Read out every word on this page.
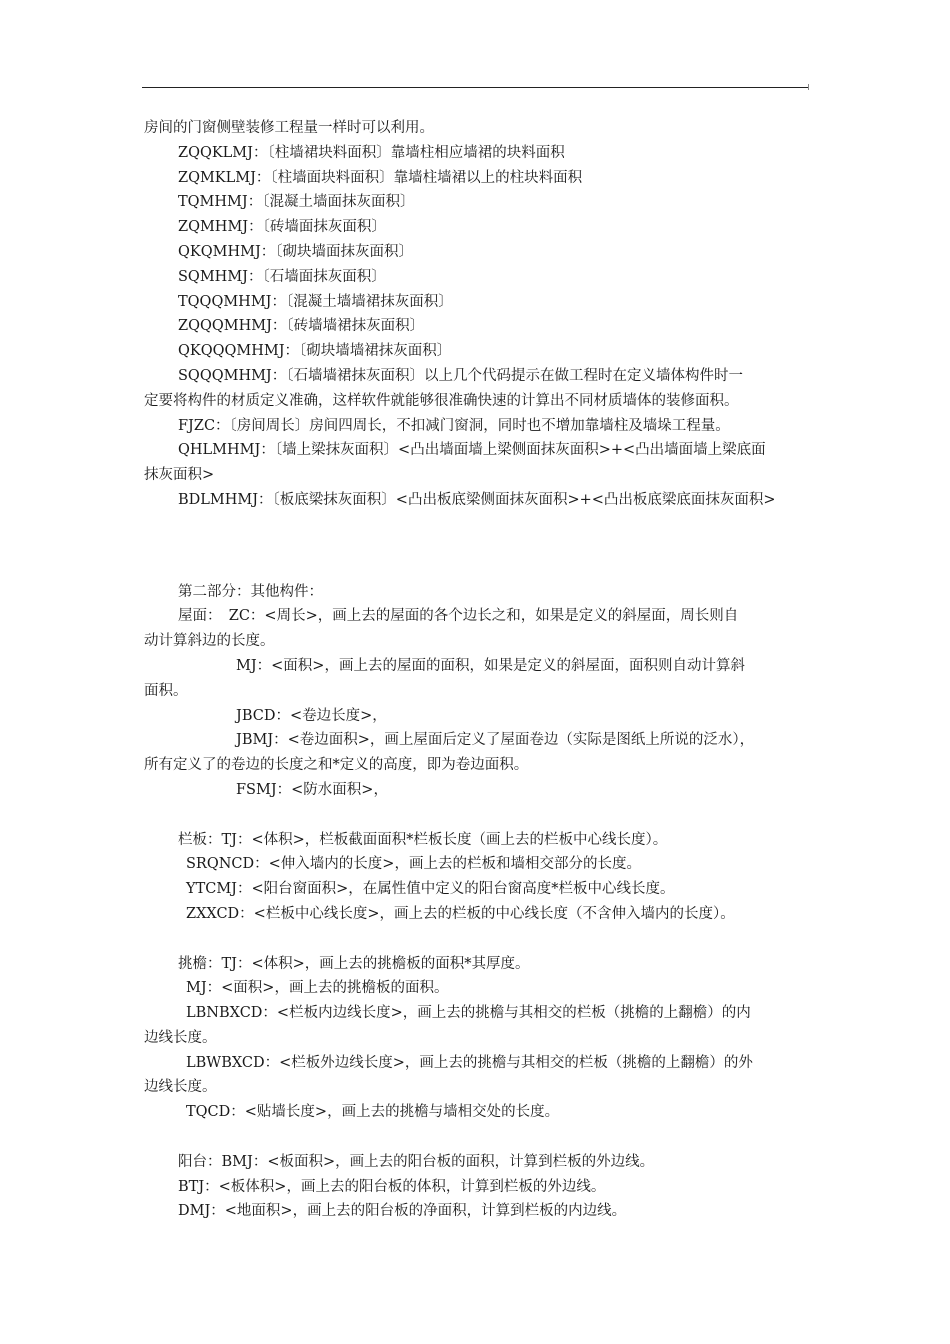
房间的门窗侧壁装修工程量一样时可以利用。

ZQQKLMJ：〔柱墙裙块料面积〕靠墙柱相应墙裙的块料面积

ZQMKLMJ：〔柱墙面块料面积〕靠墙柱墙裙以上的柱块料面积

TQMHMJ：〔混凝土墙面抹灰面积〕

ZQMHMJ：〔砖墙面抹灰面积〕

QKQMHMJ：〔砌块墙面抹灰面积〕

SQMHMJ：〔石墙面抹灰面积〕

TQQQMHMJ：〔混凝土墙墙裙抹灰面积〕

ZQQQMHMJ：〔砖墙墙裙抹灰面积〕

QKQQQMHMJ：〔砌块墙墙裙抹灰面积〕

SQQQMHMJ：〔石墙墙裙抹灰面积〕以上几个代码提示在做工程时在定义墙体构件时一

定要将构件的材质定义准确，这样软件就能够很准确快速的计算出不同材质墙体的装修面积。

FJZC：〔房间周长〕房间四周长，不扣减门窗洞，同时也不增加靠墙柱及墙垛工程量。

QHLMHMJ：〔墙上梁抹灰面积〕<凸出墙面墙上梁侧面抹灰面积>+<凸出墙面墙上梁底面

抹灰面积>

BDLMHMJ：〔板底梁抹灰面积〕<凸出板底梁侧面抹灰面积>+<凸出板底梁底面抹灰面积>

第二部分：其他构件：

屋面：　ZC：<周长>，画上去的屋面的各个边长之和，如果是定义的斜屋面，周长则自

动计算斜边的长度。

MJ：<面积>，画上去的屋面的面积，如果是定义的斜屋面，面积则自动计算斜

面积。

JBCD：<卷边长度>，

JBMJ：<卷边面积>，画上屋面后定义了屋面卷边（实际是图纸上所说的泛水），

所有定义了的卷边的长度之和*定义的高度，即为卷边面积。

FSMJ：<防水面积>，

栏板：TJ：<体积>，栏板截面面积*栏板长度（画上去的栏板中心线长度）。

SRQNCD：<伸入墙内的长度>，画上去的栏板和墙相交部分的长度。

YTCMJ：<阳台窗面积>，在属性值中定义的阳台窗高度*栏板中心线长度。

ZXXCD：<栏板中心线长度>，画上去的栏板的中心线长度（不含伸入墙内的长度）。

挑檐：TJ：<体积>，画上去的挑檐板的面积*其厚度。

MJ：<面积>，画上去的挑檐板的面积。

LBNBXCD：<栏板内边线长度>，画上去的挑檐与其相交的栏板（挑檐的上翻檐）的内

边线长度。

LBWBXCD：<栏板外边线长度>，画上去的挑檐与其相交的栏板（挑檐的上翻檐）的外

边线长度。

TQCD：<贴墙长度>，画上去的挑檐与墙相交处的长度。

阳台：BMJ：<板面积>，画上去的阳台板的面积，计算到栏板的外边线。

BTJ：<板体积>，画上去的阳台板的体积，计算到栏板的外边线。

DMJ：<地面积>，画上去的阳台板的净面积，计算到栏板的内边线。
